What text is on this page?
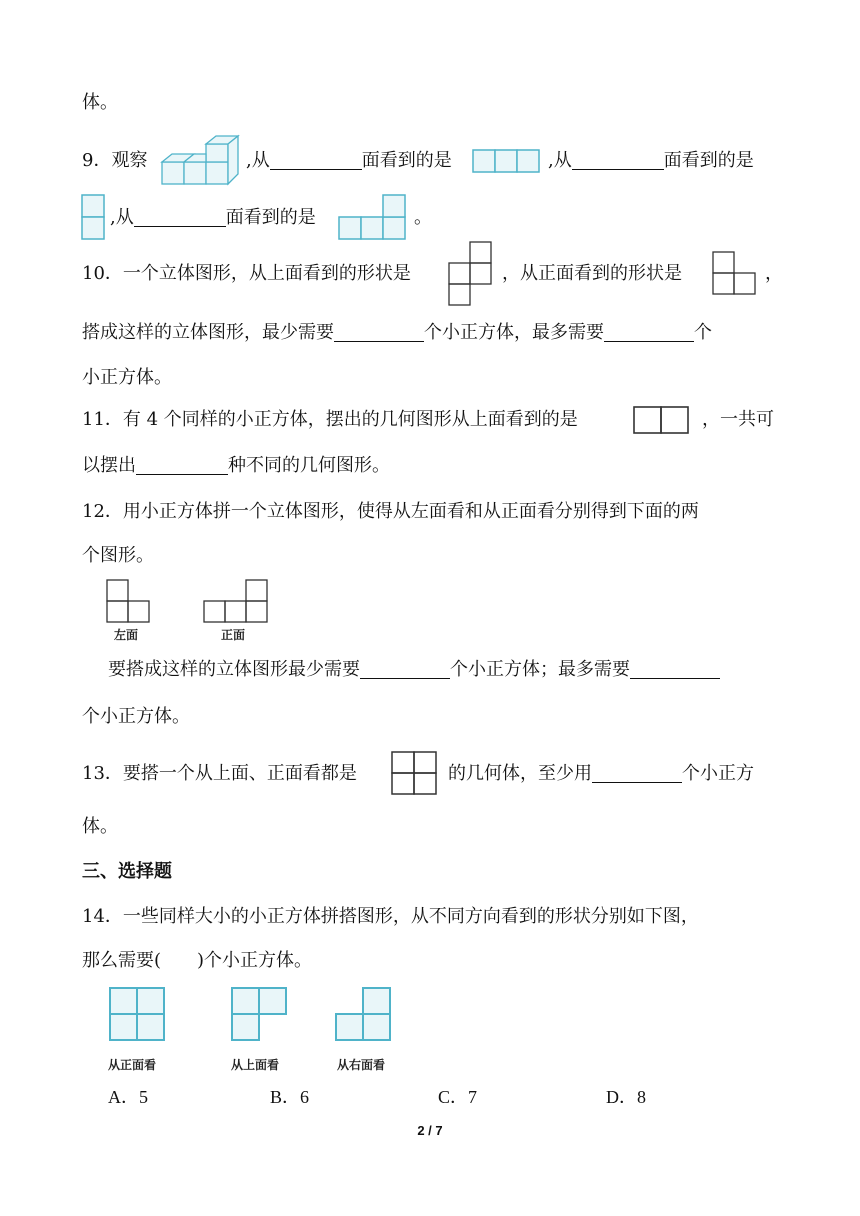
体。
9．观察	,从	面看到的是	,从	面看到的是
,从	面看到的是	。
10．一个立体图形，从上面看到的形状是	，从正面看到的形状是	，
搭成这样的立体图形，最少需要	个小正方体，最多需要	个
小正方体。
11．有 4 个同样的小正方体，摆出的几何图形从上面看到的是	，一共可
以摆出	种不同的几何图形。
12．用小正方体拼一个立体图形，使得从左面看和从正面看分别得到下面的两
个图形。
左面	正面
要搭成这样的立体图形最少需要	个小正方体；最多需要
个小正方体。
13．要搭一个从上面、正面看都是	的几何体，至少用	个小正方
体。
三、选择题
14．一些同样大小的小正方体拼搭图形，从不同方向看到的形状分别如下图，
那么需要(　　)个小正方体。
从正面看	从上面看	从右面看
A．5	B．6	C．7	D．8
2 / 7
